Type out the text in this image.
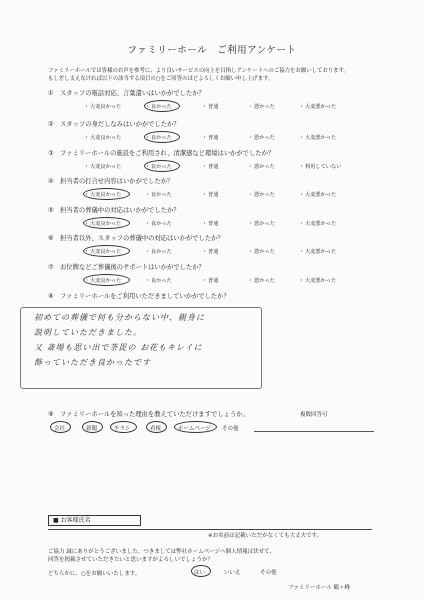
ファミリーホール　ご利用アンケート
ファミリーホールでは皆様のお声を参考に、より良いサービスの向上を目指しアンケートへのご協力をお願いしております。
もし差し支えなければ以下の該当する項目の○をご回答のほどよろしくお願い申し上げます。
① スタッフの電話対応、言葉遣いはいかがでしたか？
大変良かった
・	良かった
・	普通
・	悪かった
・	大変悪かった
・
② スタッフの身だしなみはいかがでしたか？
大変良かった
・	良かった
・	普通
・	悪かった
・	大変悪かった
・
③ ファミリーホールの施設をご利用され、清潔感など環境はいかがでしたか？
大変良かった
・	良かった
・	普通
・	悪かった
・	利用していない
・
④ 担当者の打合せ内容はいかがでしたか？
大変良かった
・	良かった
・	普通
・	悪かった
・	大変悪かった
・
⑤ 担当者の葬儀中の対応はいかがでしたか？
大変良かった
・	良かった
・	普通
・	悪かった
・	大変悪かった
・
⑥ 担当者以外、スタッフの葬儀中の対応はいかがでしたか？
大変良かった
・	良かった
・	普通
・	悪かった
・	大変悪かった
・
⑦ お位牌などご葬儀後のサポートはいかがでしたか？
大変良かった
・	良かった
・	普通
・	悪かった
・	大変悪かった
・
⑧ ファミリーホールをご利用いただきましていかがでしたか？
初めての葬儀で何も分からない中、親身に
説明していただきました。
又 斎場も思い出で荼毘の お花もキレイに
飾っていただき良かったです
⑨ ファミリーホールを知った理由を教えていただけますでしょうか。	複数回答可
会社	新聞	チラシ	看板	ホームページ その他
■ お客様氏名
※お名前は記載いただかなくても大丈夫です。
ご協力 誠にありがとうございました。つきましては弊社ホームページへ個人情報は伏せて、
回答を掲載させていただきたいと思いますがよろしいでしょうか？
どちらかに、○をお願いいたします。	はい	いいえ	その他
ファミリーホール 鶴ヶ峰
